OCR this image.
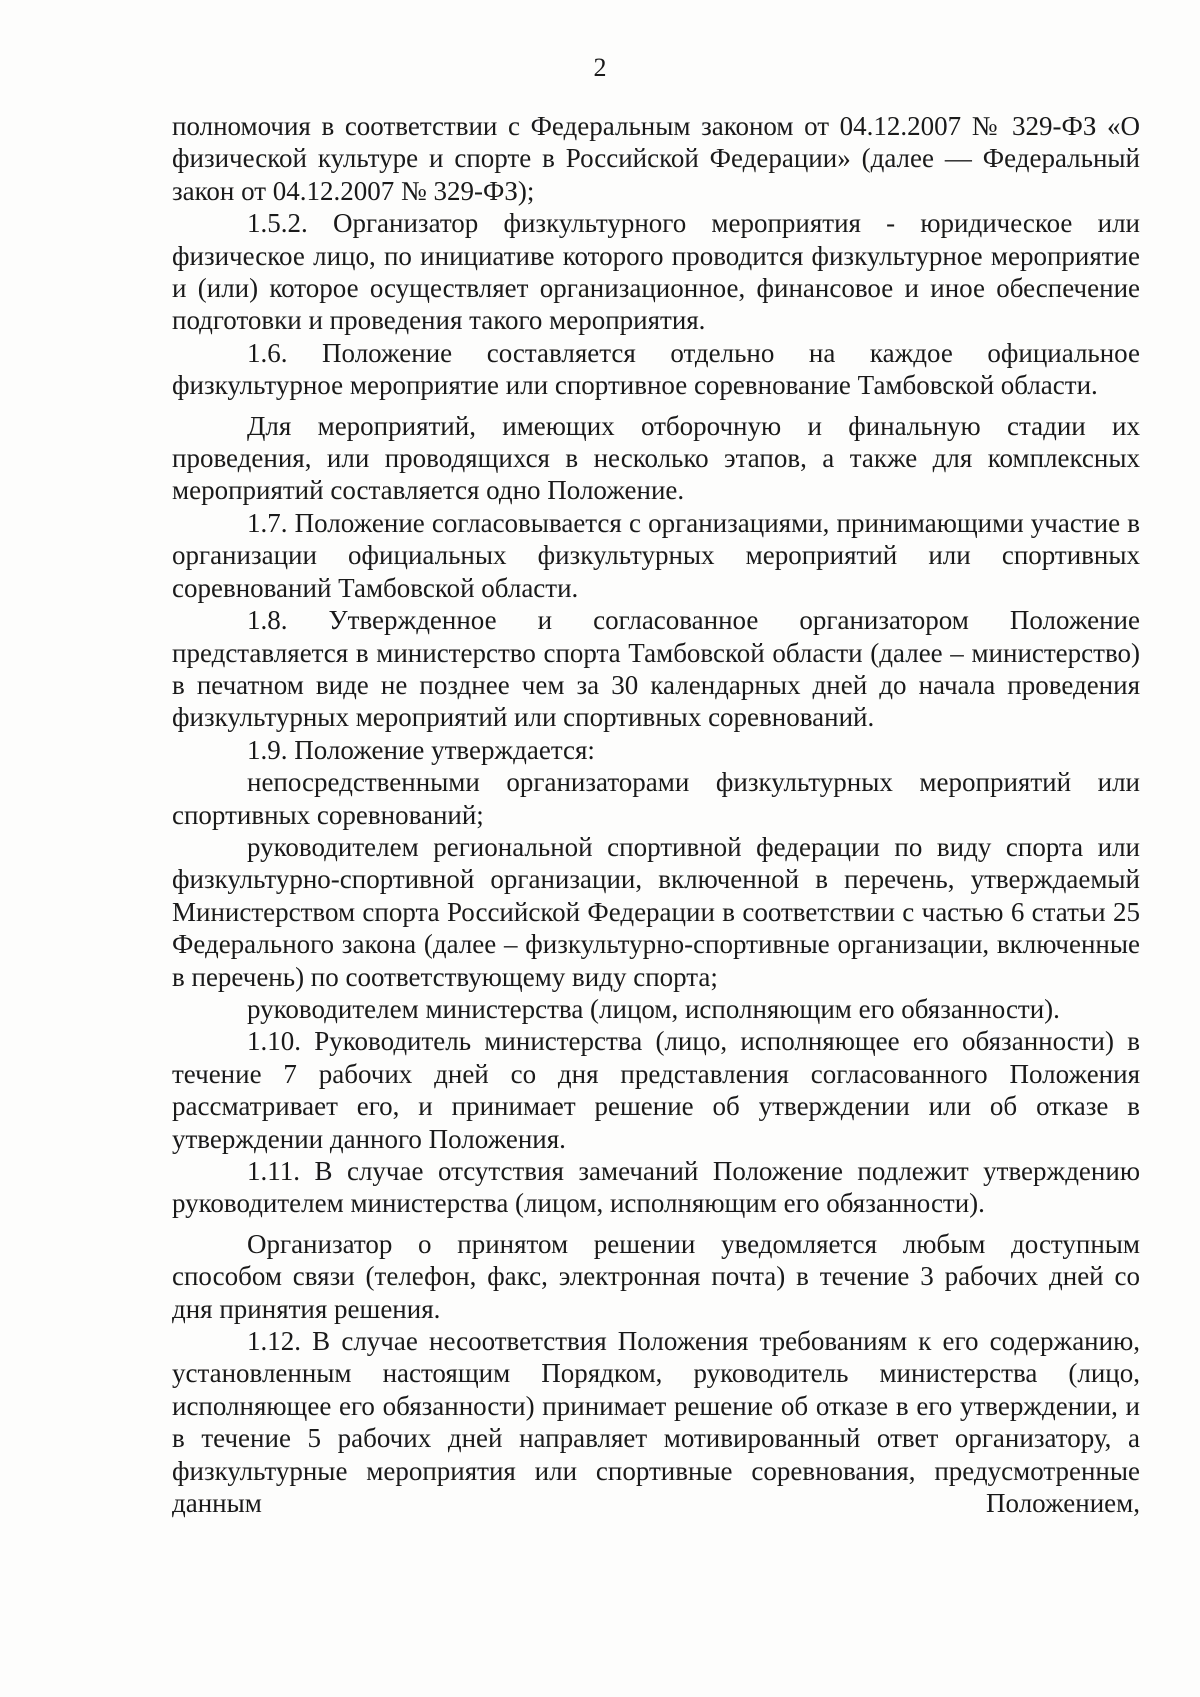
2

полномочия в соответствии с Федеральным законом от 04.12.2007 № 329-ФЗ «О физической культуре и спорте в Российской Федерации» (далее — Федеральный закон от 04.12.2007 № 329-ФЗ);

1.5.2. Организатор физкультурного мероприятия - юридическое или физическое лицо, по инициативе которого проводится физкультурное мероприятие и (или) которое осуществляет организационное, финансовое и иное обеспечение подготовки и проведения такого мероприятия.

1.6. Положение составляется отдельно на каждое официальное физкультурное мероприятие или спортивное соревнование Тамбовской области.

Для мероприятий, имеющих отборочную и финальную стадии их проведения, или проводящихся в несколько этапов, а также для комплексных мероприятий составляется одно Положение.

1.7. Положение согласовывается с организациями, принимающими участие в организации официальных физкультурных мероприятий или спортивных соревнований Тамбовской области.

1.8. Утвержденное и согласованное организатором Положение представляется в министерство спорта Тамбовской области (далее – министерство) в печатном виде не позднее чем за 30 календарных дней до начала проведения физкультурных мероприятий или спортивных соревнований.

1.9. Положение утверждается:

непосредственными организаторами физкультурных мероприятий или спортивных соревнований;

руководителем региональной спортивной федерации по виду спорта или физкультурно-спортивной организации, включенной в перечень, утверждаемый Министерством спорта Российской Федерации в соответствии с частью 6 статьи 25 Федерального закона (далее – физкультурно-спортивные организации, включенные в перечень) по соответствующему виду спорта;

руководителем министерства (лицом, исполняющим его обязанности).

1.10. Руководитель министерства (лицо, исполняющее его обязанности) в течение 7 рабочих дней со дня представления согласованного Положения рассматривает его, и принимает решение об утверждении или об отказе в утверждении данного Положения.

1.11. В случае отсутствия замечаний Положение подлежит утверждению руководителем министерства (лицом, исполняющим его обязанности).

Организатор о принятом решении уведомляется любым доступным способом связи (телефон, факс, электронная почта) в течение 3 рабочих дней со дня принятия решения.

1.12. В случае несоответствия Положения требованиям к его содержанию, установленным настоящим Порядком, руководитель министерства (лицо, исполняющее его обязанности) принимает решение об отказе в его утверждении, и в течение 5 рабочих дней направляет мотивированный ответ организатору, а физкультурные мероприятия или спортивные соревнования, предусмотренные данным Положением,
